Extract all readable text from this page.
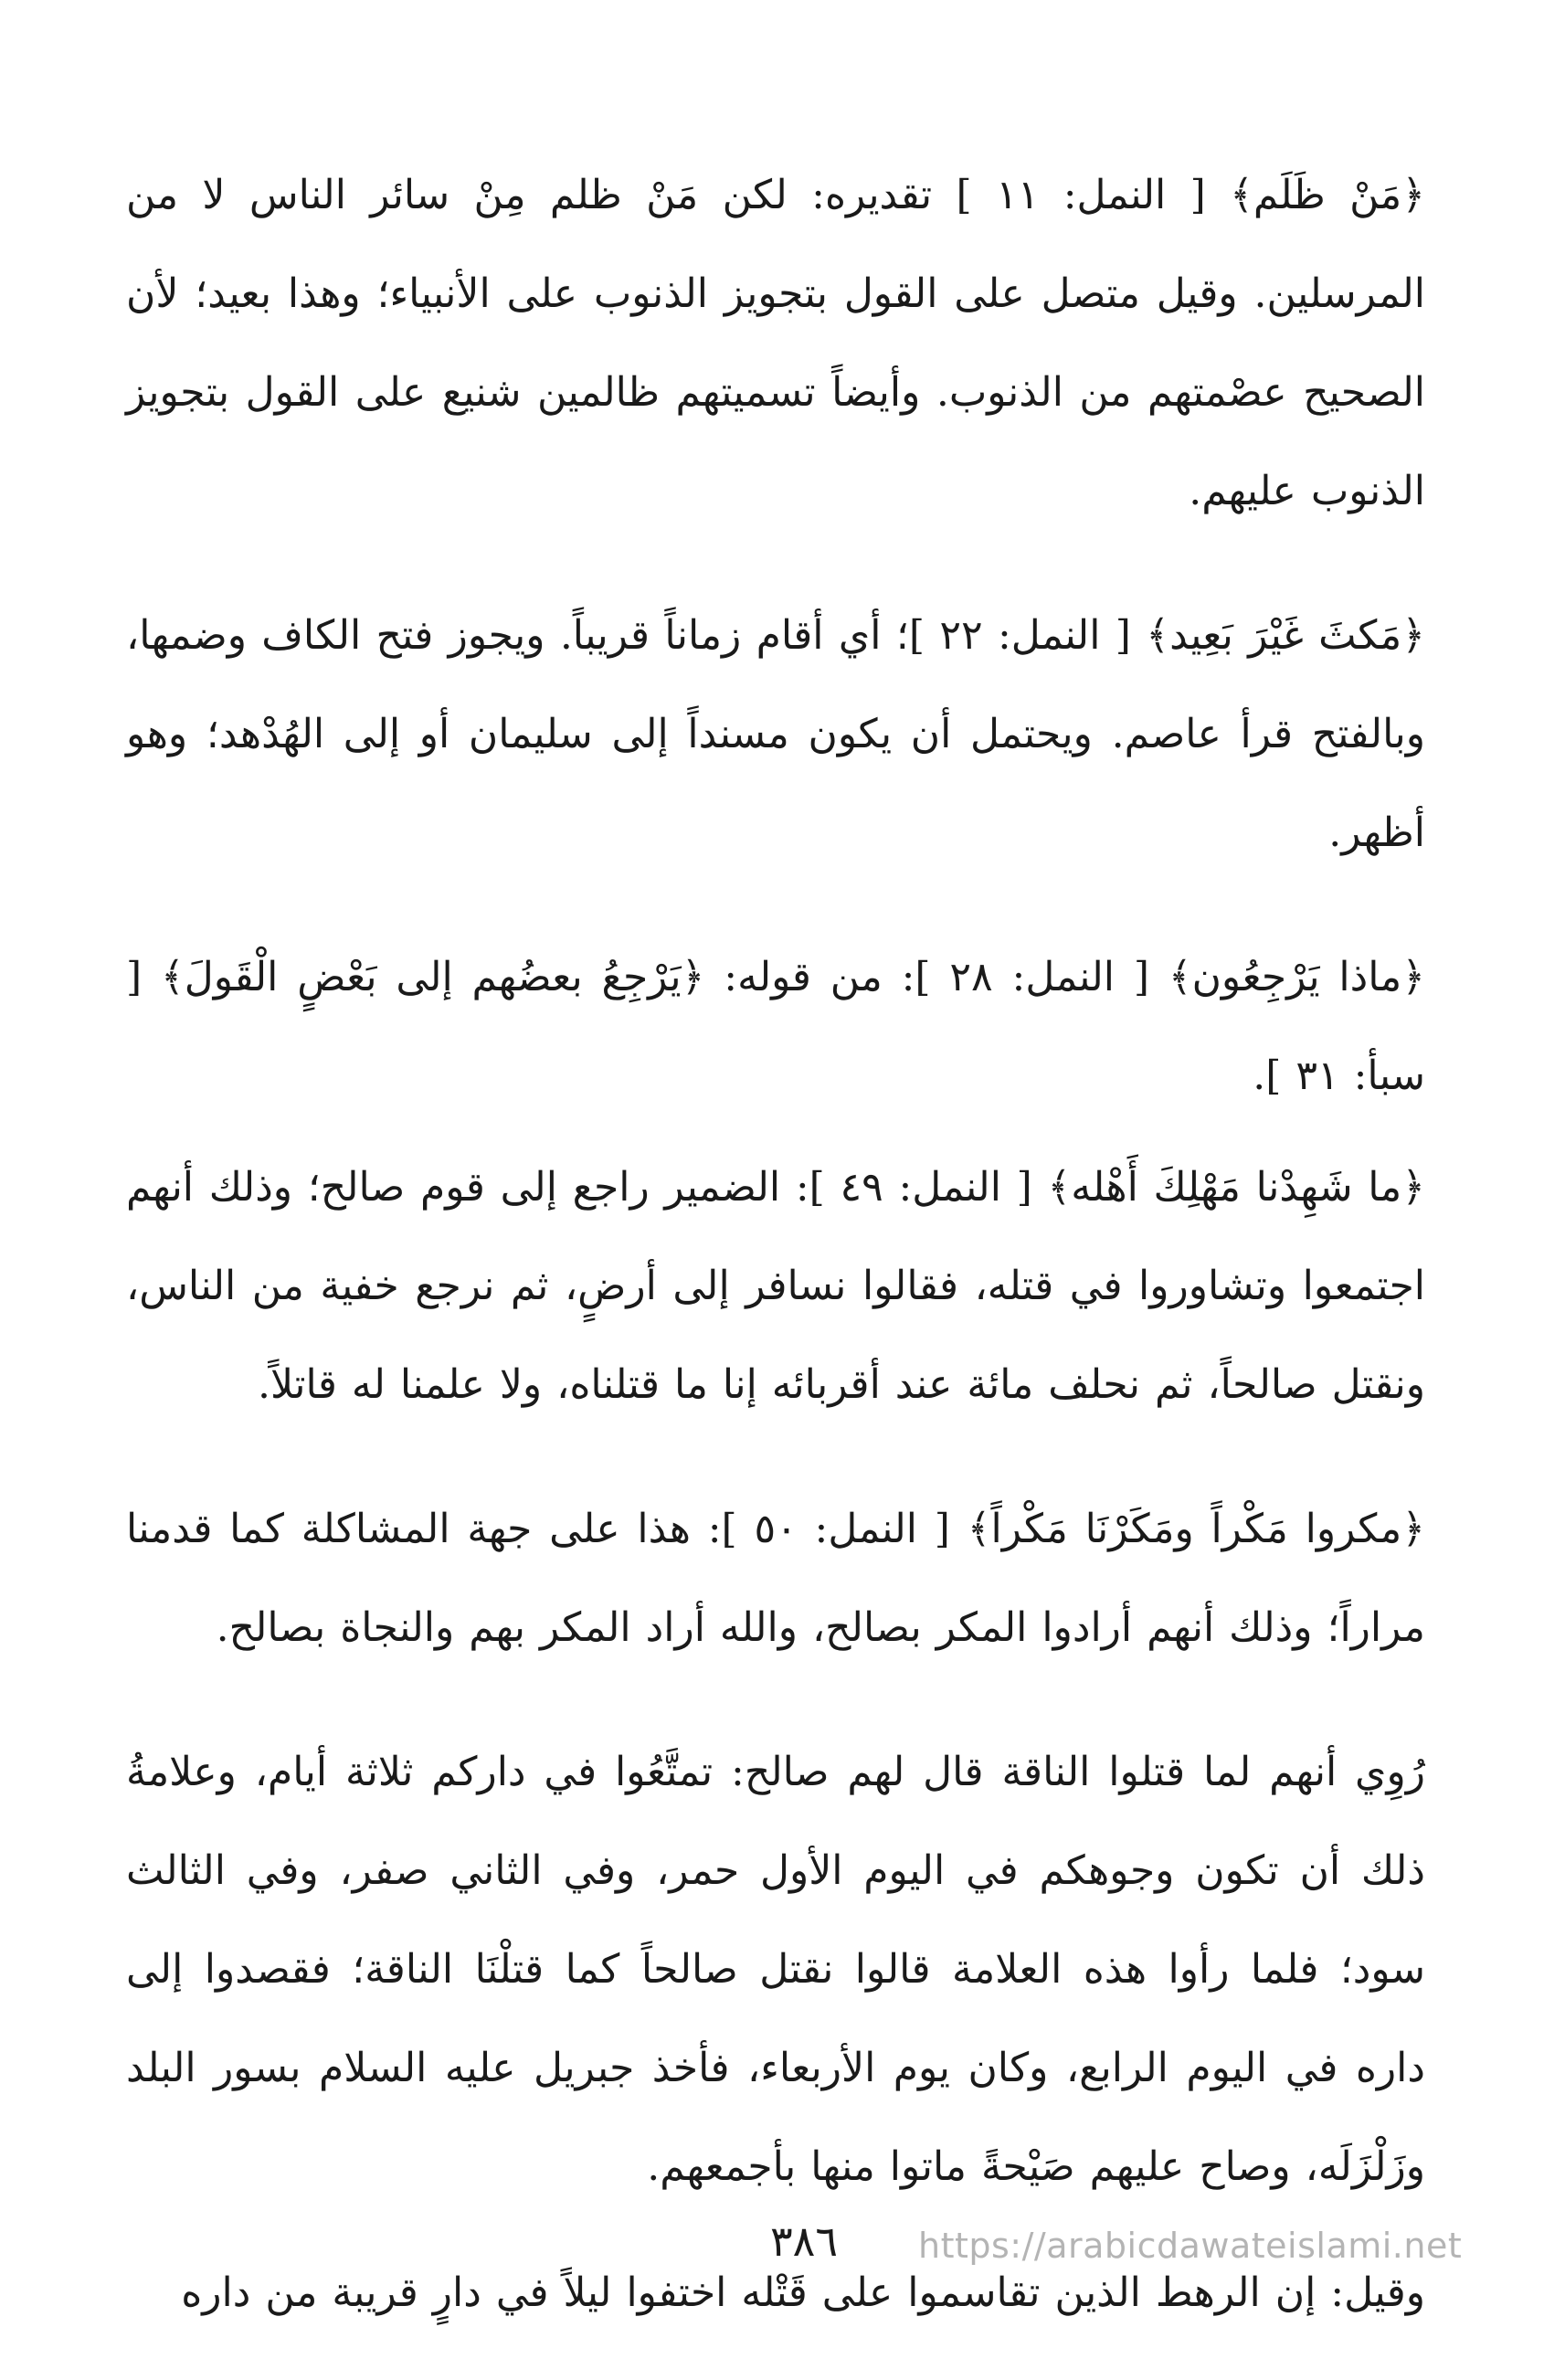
﴿مَنْ ظَلَم﴾ [ النمل: ١١ ] تقديره: لكن مَنْ ظلم مِنْ سائر الناس لا من المرسلين. وقيل متصل على القول بتجويز الذنوب على الأنبياء؛ وهذا بعيد؛ لأن الصحيح عصْمتهم من الذنوب. وأيضاً تسميتهم ظالمين شنيع على القول بتجويز الذنوب عليهم.

﴿مَكثَ غَيْرَ بَعِيد﴾ [ النمل: ٢٢ ]؛ أي أقام زماناً قريباً. ويجوز فتح الكاف وضمها، وبالفتح قرأ عاصم. ويحتمل أن يكون مسنداً إلى سليمان أو إلى الهُدْهد؛ وهو أظهر.

﴿ماذا يَرْجِعُون﴾ [ النمل: ٢٨ ]: من قوله: ﴿يَرْجِعُ بعضُهم إلى بَعْضٍ الْقَولَ﴾ [ سبأ: ٣١ ].

﴿ما شَهِدْنا مَهْلِكَ أَهْله﴾ [ النمل: ٤٩ ]: الضمير راجع إلى قوم صالح؛ وذلك أنهم اجتمعوا وتشاوروا في قتله، فقالوا نسافر إلى أرضٍ، ثم نرجع خفية من الناس، ونقتل صالحاً، ثم نحلف مائة عند أقربائه إنا ما قتلناه، ولا علمنا له قاتلاً.

﴿مكروا مَكْراً ومَكَرْنَا مَكْراً﴾ [ النمل: ٥٠ ]: هذا على جهة المشاكلة كما قدمنا مراراً؛ وذلك أنهم أرادوا المكر بصالح، والله أراد المكر بهم والنجاة بصالح.

رُوِي أنهم لما قتلوا الناقة قال لهم صالح: تمتَّعُوا في داركم ثلاثة أيام، وعلامةُ ذلك أن تكون وجوهكم في اليوم الأول حمر، وفي الثاني صفر، وفي الثالث سود؛ فلما رأوا هذه العلامة قالوا نقتل صالحاً كما قتلْنَا الناقة؛ فقصدوا إلى داره في اليوم الرابع، وكان يوم الأربعاء، فأخذ جبريل عليه السلام بسور البلد وزَلْزَلَه، وصاح عليهم صَيْحةً ماتوا منها بأجمعهم.

وقيل: إن الرهط الذين تقاسموا على قَتْله اختفوا ليلاً في دارٍ قريبة من داره

٣٨٦	https://arabicdawateislami.net
